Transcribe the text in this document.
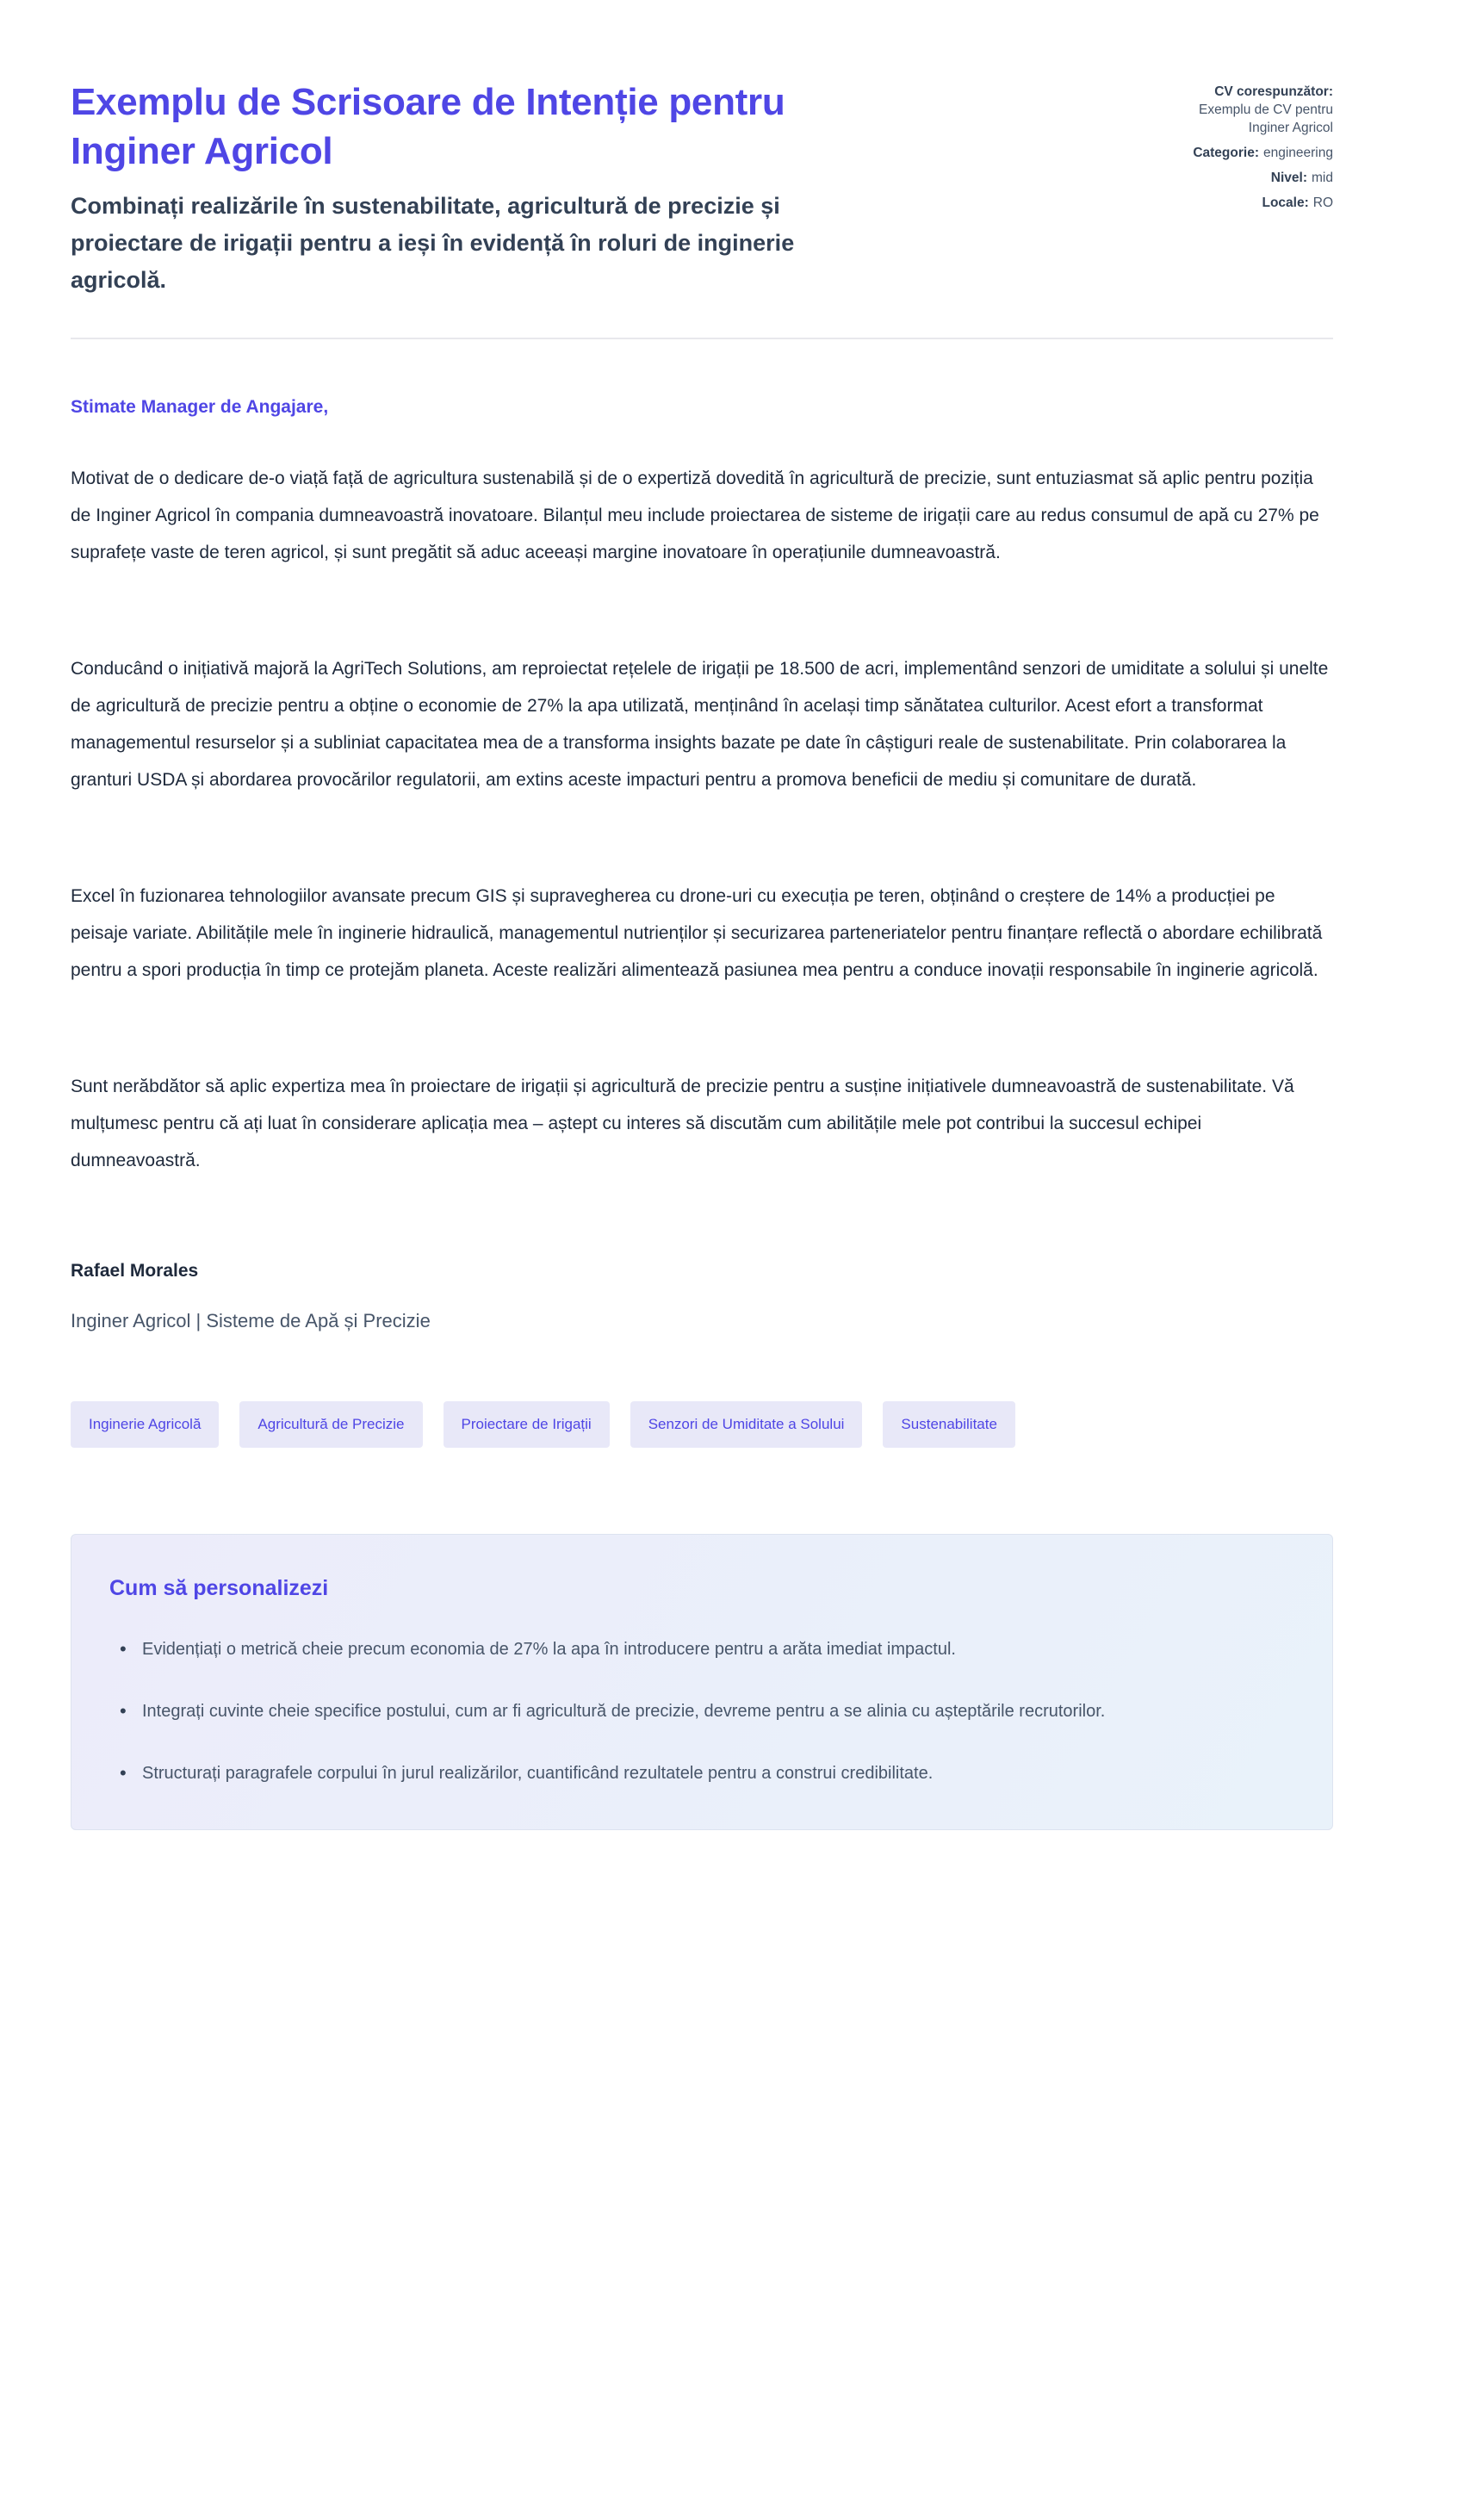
Exemplu de Scrisoare de Intenție pentru Inginer Agricol

Combinați realizările în sustenabilitate, agricultură de precizie și proiectare de irigații pentru a ieși în evidență în roluri de inginerie agricolă.

CV corespunzător:
Exemplu de CV pentru Inginer Agricol
Categorie: engineering
Nivel: mid
Locale: RO

Stimate Manager de Angajare,

Motivat de o dedicare de-o viață față de agricultura sustenabilă și de o expertiză dovedită în agricultură de precizie, sunt entuziasmat să aplic pentru poziția de Inginer Agricol în compania dumneavoastră inovatoare. Bilanțul meu include proiectarea de sisteme de irigații care au redus consumul de apă cu 27% pe suprafețe vaste de teren agricol, și sunt pregătit să aduc aceeași margine inovatoare în operațiunile dumneavoastră.

Conducând o inițiativă majoră la AgriTech Solutions, am reproiectat rețelele de irigații pe 18.500 de acri, implementând senzori de umiditate a solului și unelte de agricultură de precizie pentru a obține o economie de 27% la apa utilizată, menținând în același timp sănătatea culturilor. Acest efort a transformat managementul resurselor și a subliniat capacitatea mea de a transforma insights bazate pe date în câștiguri reale de sustenabilitate. Prin colaborarea la granturi USDA și abordarea provocărilor regulatorii, am extins aceste impacturi pentru a promova beneficii de mediu și comunitare de durată.

Excel în fuzionarea tehnologiilor avansate precum GIS și supravegherea cu drone-uri cu execuția pe teren, obținând o creștere de 14% a producției pe peisaje variate. Abilitățile mele în inginerie hidraulică, managementul nutrienților și securizarea parteneriatelor pentru finanțare reflectă o abordare echilibrată pentru a spori producția în timp ce protejăm planeta. Aceste realizări alimentează pasiunea mea pentru a conduce inovații responsabile în inginerie agricolă.

Sunt nerăbdător să aplic expertiza mea în proiectare de irigații și agricultură de precizie pentru a susține inițiativele dumneavoastră de sustenabilitate. Vă mulțumesc pentru că ați luat în considerare aplicația mea – aștept cu interes să discutăm cum abilitățile mele pot contribui la succesul echipei dumneavoastră.

Rafael Morales

Inginer Agricol | Sisteme de Apă și Precizie

Inginerie Agricolă	Agricultură de Precizie	Proiectare de Irigații	Senzori de Umiditate a Solului	Sustenabilitate
Cum să personalizezi
• Evidențiați o metrică cheie precum economia de 27% la apa în introducere pentru a arăta imediat impactul.
• Integrați cuvinte cheie specifice postului, cum ar fi agricultură de precizie, devreme pentru a se alinia cu așteptările recrutorilor.
• Structurați paragrafele corpului în jurul realizărilor, cuantificând rezultatele pentru a construi credibilitate.
